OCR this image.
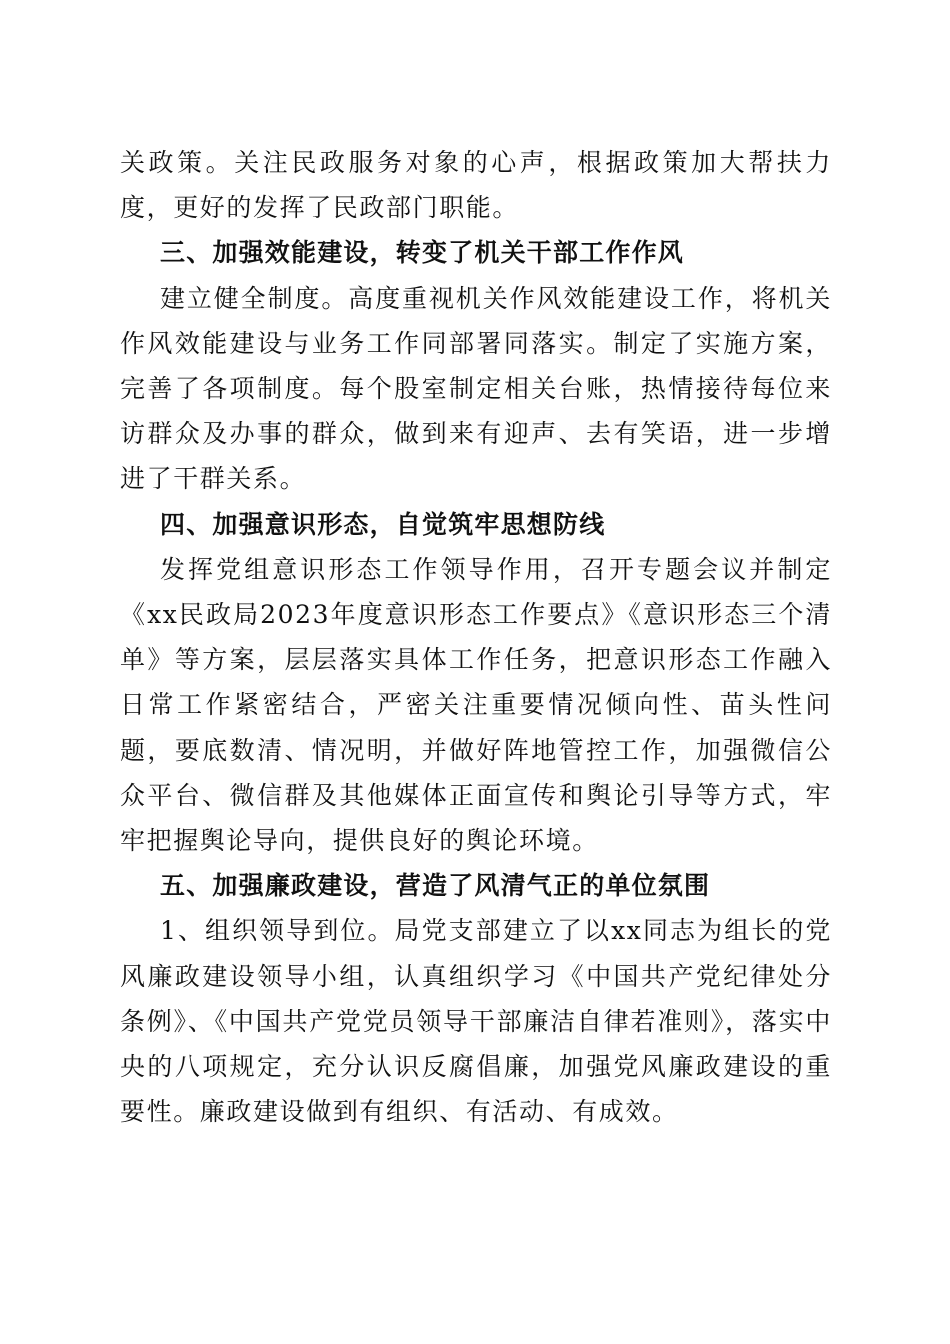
关政策。关注民政服务对象的心声，根据政策加大帮扶力度，更好的发挥了民政部门职能。

三、加强效能建设，转变了机关干部工作作风

建立健全制度。高度重视机关作风效能建设工作，将机关作风效能建设与业务工作同部署同落实。制定了实施方案，完善了各项制度。每个股室制定相关台账，热情接待每位来访群众及办事的群众，做到来有迎声、去有笑语，进一步增进了干群关系。

四、加强意识形态，自觉筑牢思想防线

发挥党组意识形态工作领导作用，召开专题会议并制定《xx民政局2023年度意识形态工作要点》《意识形态三个清单》等方案，层层落实具体工作任务，把意识形态工作融入日常工作紧密结合，严密关注重要情况倾向性、苗头性问题，要底数清、情况明，并做好阵地管控工作，加强微信公众平台、微信群及其他媒体正面宣传和舆论引导等方式，牢牢把握舆论导向，提供良好的舆论环境。

五、加强廉政建设，营造了风清气正的单位氛围

1、组织领导到位。局党支部建立了以xx同志为组长的党风廉政建设领导小组，认真组织学习《中国共产党纪律处分条例》、《中国共产党党员领导干部廉洁自律若准则》，落实中央的八项规定，充分认识反腐倡廉，加强党风廉政建设的重要性。廉政建设做到有组织、有活动、有成效。
